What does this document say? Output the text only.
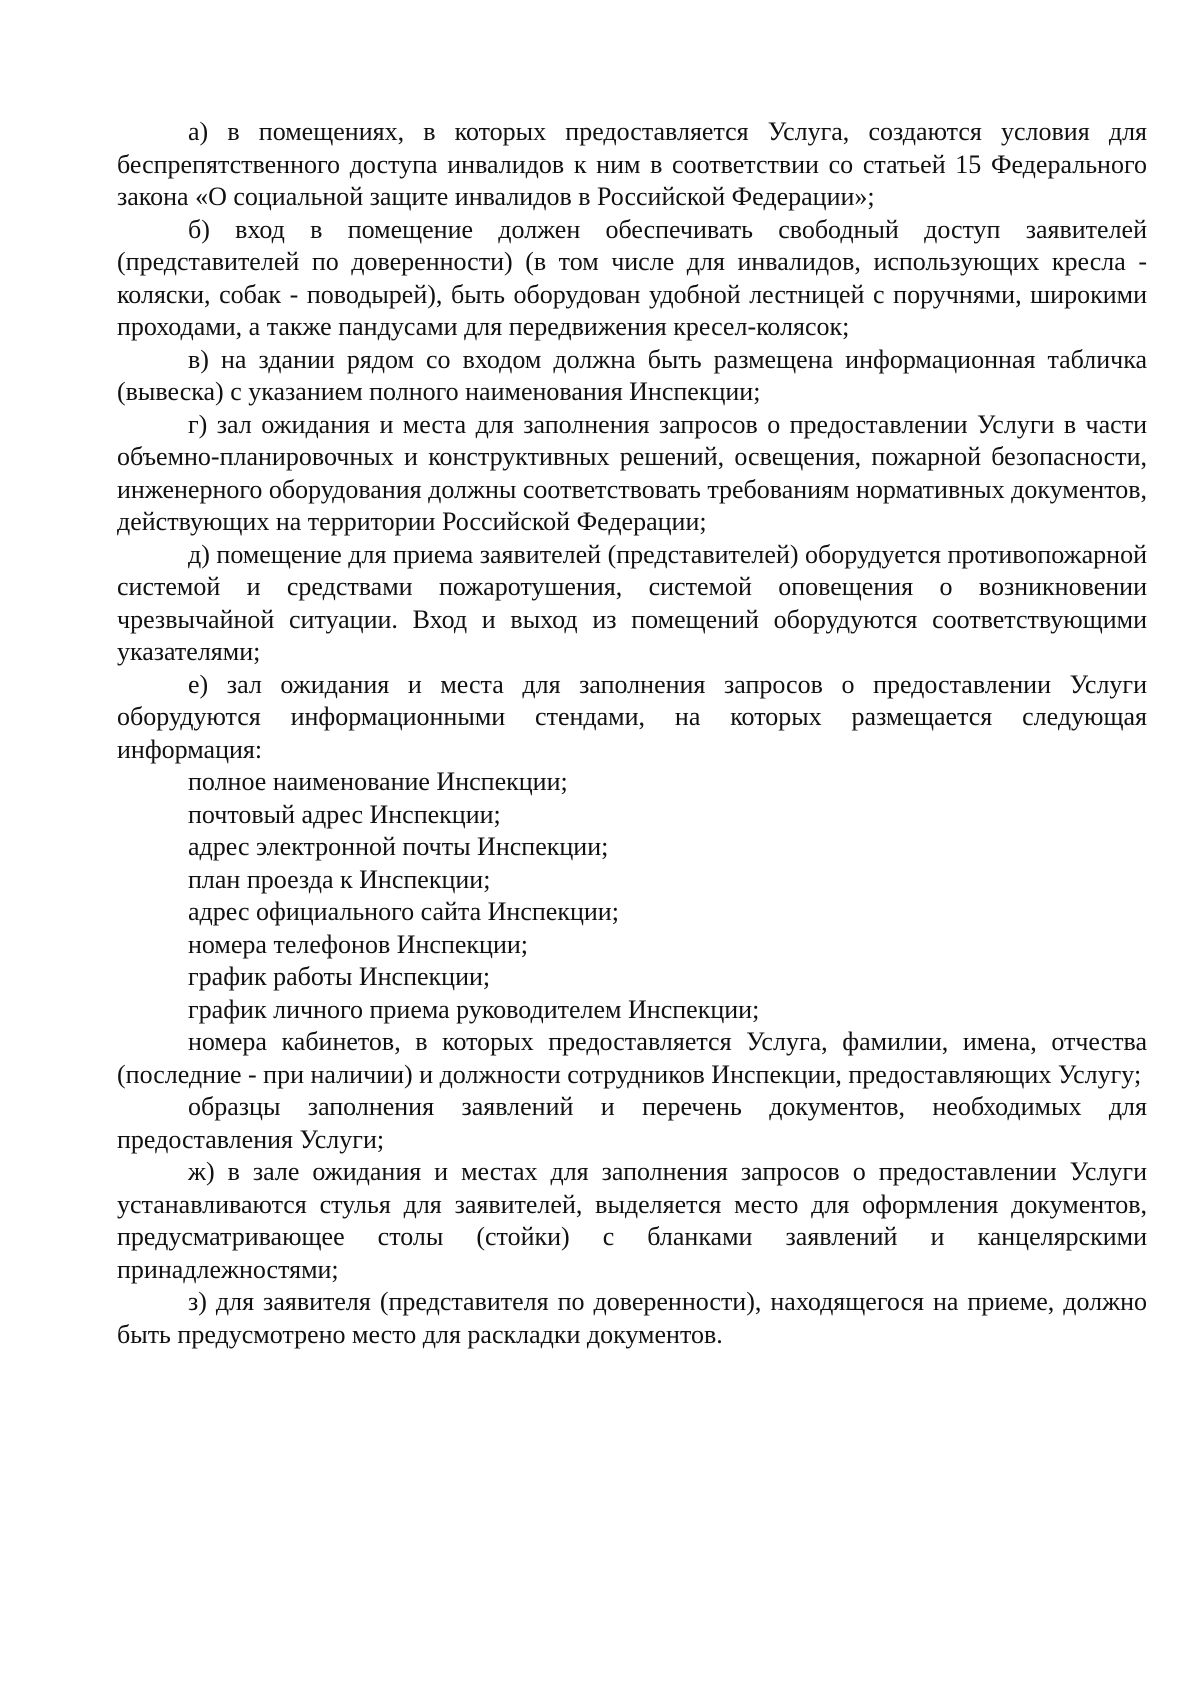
а) в помещениях, в которых предоставляется Услуга, создаются условия для беспрепятственного доступа инвалидов к ним в соответствии со статьей 15 Федерального закона «О социальной защите инвалидов в Российской Федерации»;

б) вход в помещение должен обеспечивать свободный доступ заявителей (представителей по доверенности) (в том числе для инвалидов, использующих кресла - коляски, собак - поводырей), быть оборудован удобной лестницей с поручнями, широкими проходами, а также пандусами для передвижения кресел-колясок;

в) на здании рядом со входом должна быть размещена информационная табличка (вывеска) с указанием полного наименования Инспекции;

г) зал ожидания и места для заполнения запросов о предоставлении Услуги в части объемно-планировочных и конструктивных решений, освещения, пожарной безопасности, инженерного оборудования должны соответствовать требованиям нормативных документов, действующих на территории Российской Федерации;

д) помещение для приема заявителей (представителей) оборудуется противопожарной системой и средствами пожаротушения, системой оповещения о возникновении чрезвычайной ситуации. Вход и выход из помещений оборудуются соответствующими указателями;

е) зал ожидания и места для заполнения запросов о предоставлении Услуги оборудуются информационными стендами, на которых размещается следующая информация:

полное наименование Инспекции;

почтовый адрес Инспекции;

адрес электронной почты Инспекции;

план проезда к Инспекции;

адрес официального сайта Инспекции;

номера телефонов Инспекции;

график работы Инспекции;

график личного приема руководителем Инспекции;

номера кабинетов, в которых предоставляется Услуга, фамилии, имена, отчества (последние - при наличии) и должности сотрудников Инспекции, предоставляющих Услугу;

образцы заполнения заявлений и перечень документов, необходимых для предоставления Услуги;

ж) в зале ожидания и местах для заполнения запросов о предоставлении Услуги устанавливаются стулья для заявителей, выделяется место для оформления документов, предусматривающее столы (стойки) с бланками заявлений и канцелярскими принадлежностями;

з) для заявителя (представителя по доверенности), находящегося на приеме, должно быть предусмотрено место для раскладки документов.
